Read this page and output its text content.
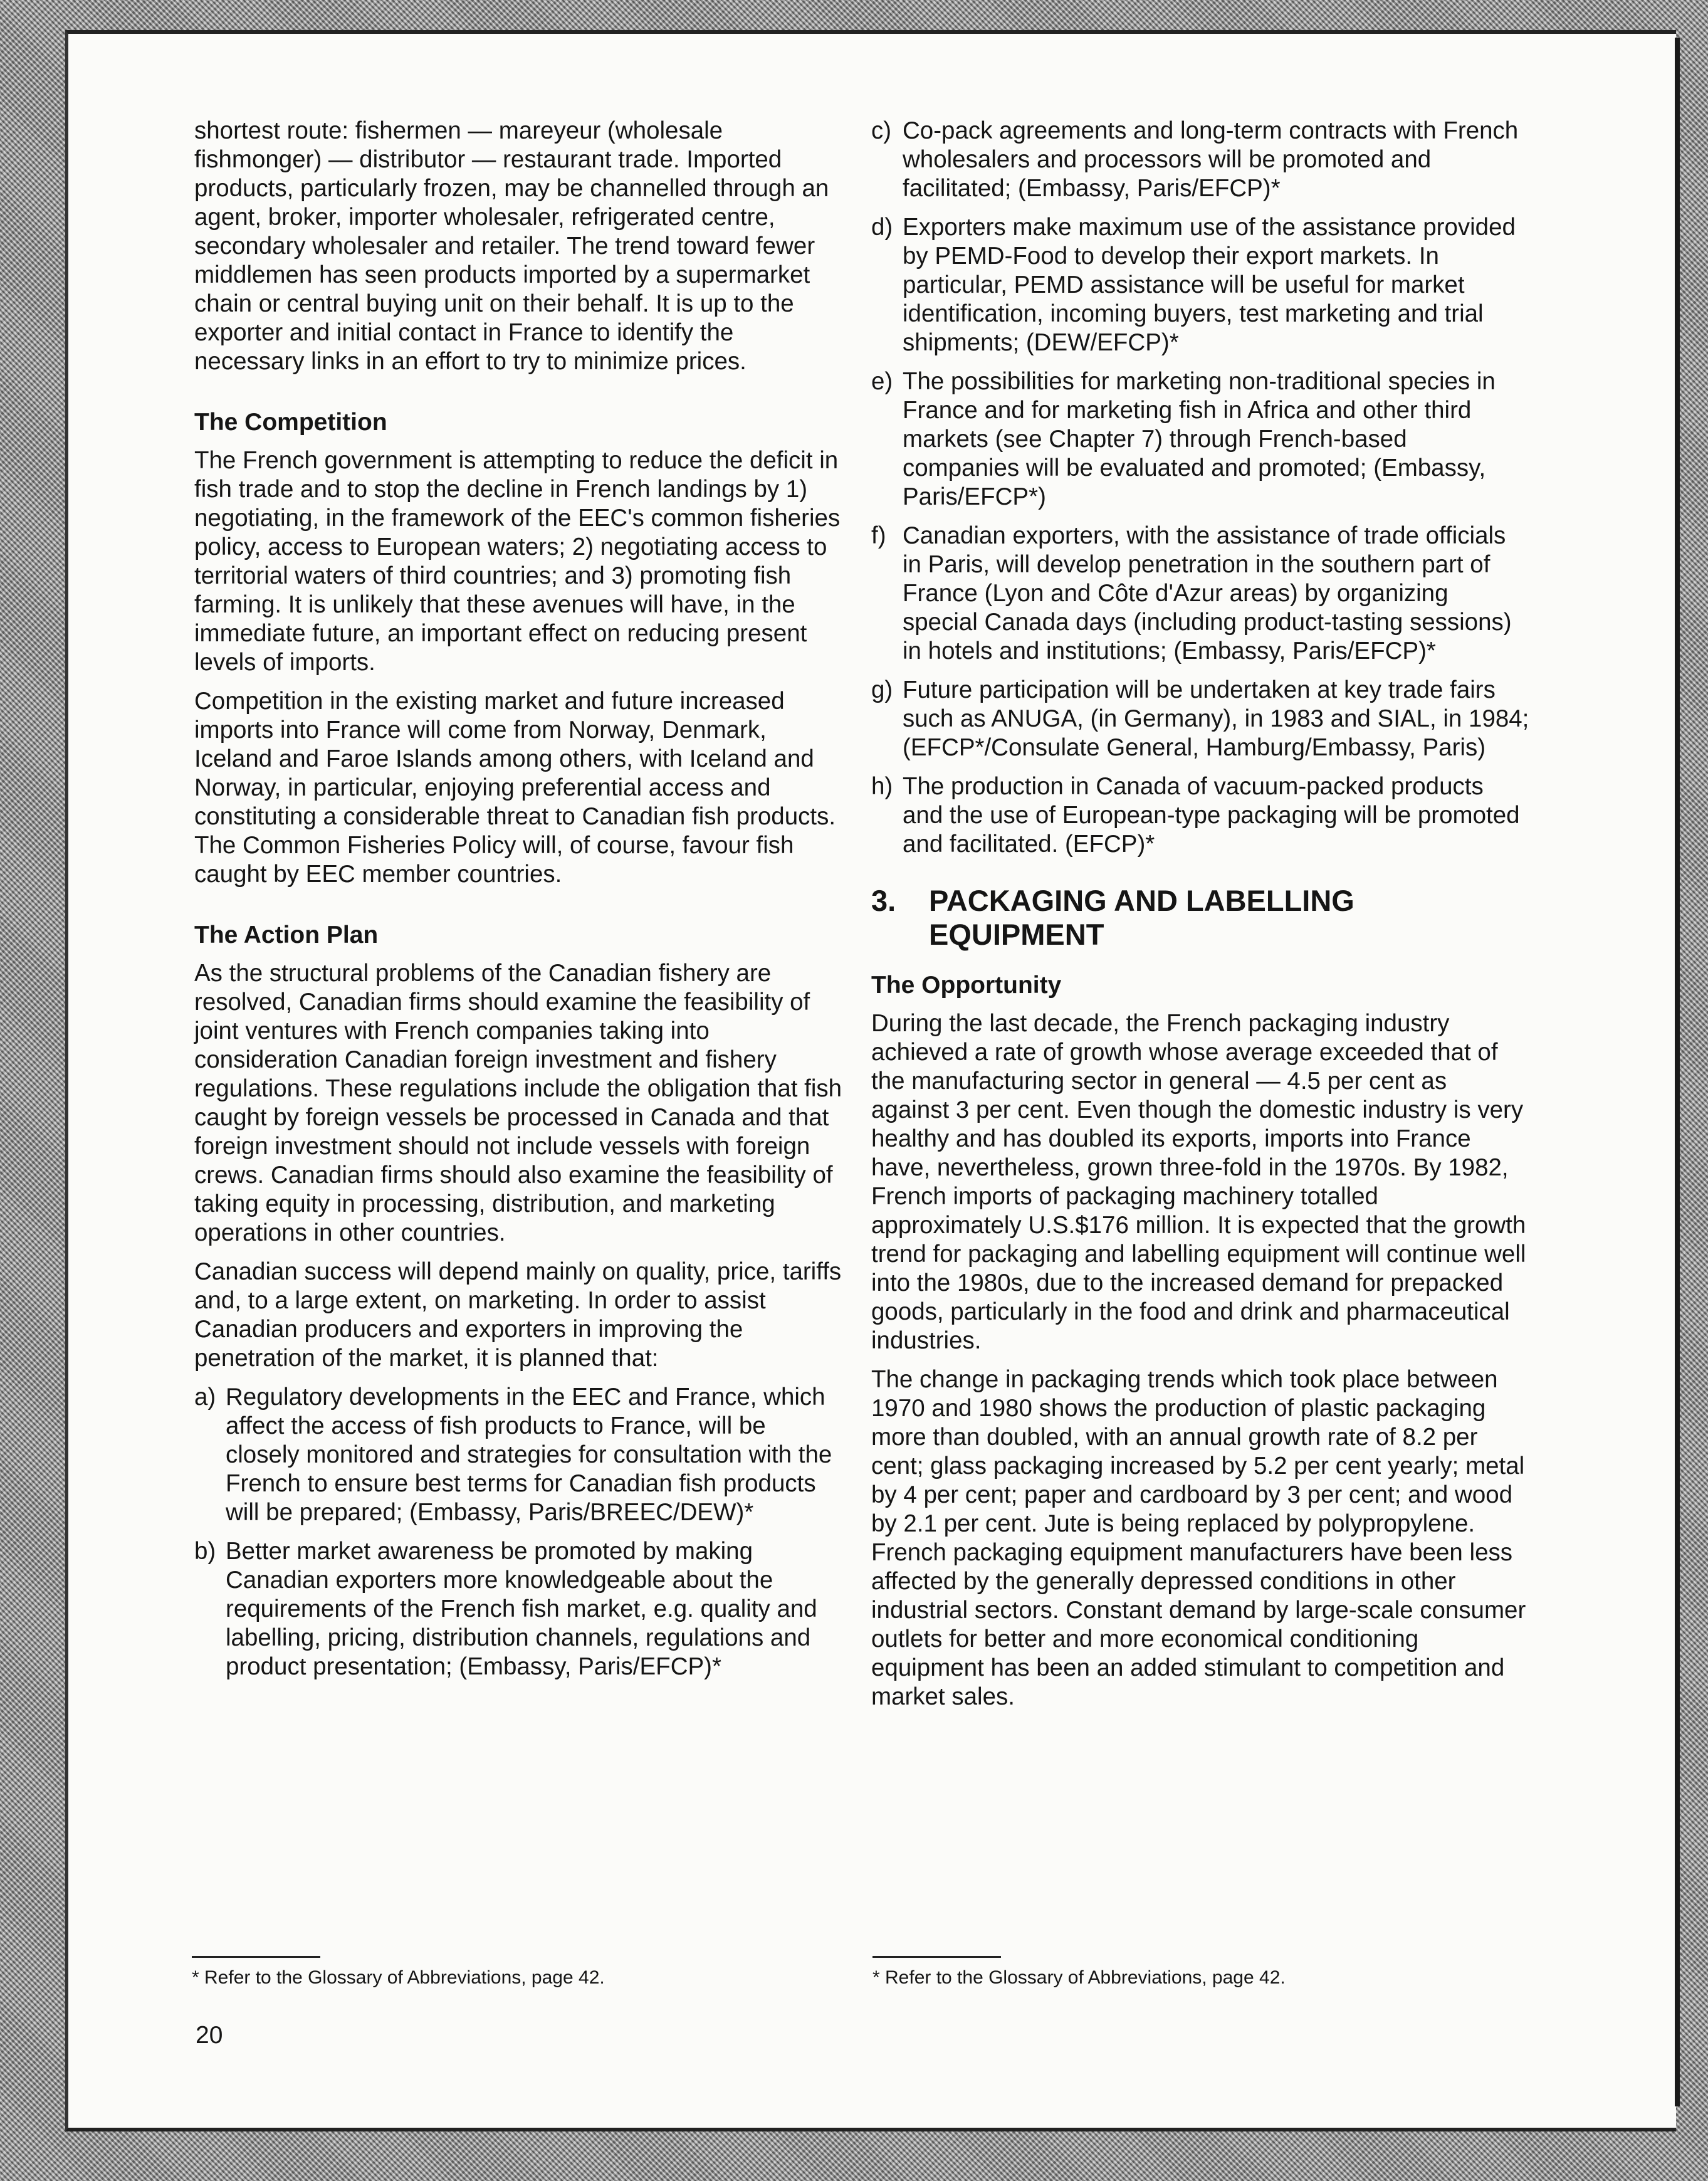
shortest route: fishermen — mareyeur (wholesale fishmonger) — distributor — restaurant trade. Imported products, particularly frozen, may be channelled through an agent, broker, importer wholesaler, refrigerated centre, secondary wholesaler and retailer. The trend toward fewer middlemen has seen products imported by a supermarket chain or central buying unit on their behalf. It is up to the exporter and initial contact in France to identify the necessary links in an effort to try to minimize prices.

The Competition

The French government is attempting to reduce the deficit in fish trade and to stop the decline in French landings by 1) negotiating, in the framework of the EEC's common fisheries policy, access to European waters; 2) negotiating access to territorial waters of third countries; and 3) promoting fish farming. It is unlikely that these avenues will have, in the immediate future, an important effect on reducing present levels of imports.

Competition in the existing market and future increased imports into France will come from Norway, Denmark, Iceland and Faroe Islands among others, with Iceland and Norway, in particular, enjoying preferential access and constituting a considerable threat to Canadian fish products. The Common Fisheries Policy will, of course, favour fish caught by EEC member countries.

The Action Plan

As the structural problems of the Canadian fishery are resolved, Canadian firms should examine the feasibility of joint ventures with French companies taking into consideration Canadian foreign investment and fishery regulations. These regulations include the obligation that fish caught by foreign vessels be processed in Canada and that foreign investment should not include vessels with foreign crews. Canadian firms should also examine the feasibility of taking equity in processing, distribution, and marketing operations in other countries.

Canadian success will depend mainly on quality, price, tariffs and, to a large extent, on marketing. In order to assist Canadian producers and exporters in improving the penetration of the market, it is planned that:

a) Regulatory developments in the EEC and France, which affect the access of fish products to France, will be closely monitored and strategies for consultation with the French to ensure best terms for Canadian fish products will be prepared; (Embassy, Paris/BREEC/DEW)*
b) Better market awareness be promoted by making Canadian exporters more knowledgeable about the requirements of the French fish market, e.g. quality and labelling, pricing, distribution channels, regulations and product presentation; (Embassy, Paris/EFCP)*
c) Co-pack agreements and long-term contracts with French wholesalers and processors will be promoted and facilitated; (Embassy, Paris/EFCP)*
d) Exporters make maximum use of the assistance provided by PEMD-Food to develop their export markets. In particular, PEMD assistance will be useful for market identification, incoming buyers, test marketing and trial shipments; (DEW/EFCP)*
e) The possibilities for marketing non-traditional species in France and for marketing fish in Africa and other third markets (see Chapter 7) through French-based companies will be evaluated and promoted; (Embassy, Paris/EFCP*)
f) Canadian exporters, with the assistance of trade officials in Paris, will develop penetration in the southern part of France (Lyon and Côte d'Azur areas) by organizing special Canada days (including product-tasting sessions) in hotels and institutions; (Embassy, Paris/EFCP)*
g) Future participation will be undertaken at key trade fairs such as ANUGA, (in Germany), in 1983 and SIAL, in 1984; (EFCP*/Consulate General, Hamburg/Embassy, Paris)
h) The production in Canada of vacuum-packed products and the use of European-type packaging will be promoted and facilitated. (EFCP)*
3.	PACKAGING AND LABELLING EQUIPMENT
The Opportunity

During the last decade, the French packaging industry achieved a rate of growth whose average exceeded that of the manufacturing sector in general — 4.5 per cent as against 3 per cent. Even though the domestic industry is very healthy and has doubled its exports, imports into France have, nevertheless, grown three-fold in the 1970s. By 1982, French imports of packaging machinery totalled approximately U.S.$176 million. It is expected that the growth trend for packaging and labelling equipment will continue well into the 1980s, due to the increased demand for prepacked goods, particularly in the food and drink and pharmaceutical industries.

The change in packaging trends which took place between 1970 and 1980 shows the production of plastic packaging more than doubled, with an annual growth rate of 8.2 per cent; glass packaging increased by 5.2 per cent yearly; metal by 4 per cent; paper and cardboard by 3 per cent; and wood by 2.1 per cent. Jute is being replaced by polypropylene. French packaging equipment manufacturers have been less affected by the generally depressed conditions in other industrial sectors. Constant demand by large-scale consumer outlets for better and more economical conditioning equipment has been an added stimulant to competition and market sales.

* Refer to the Glossary of Abbreviations, page 42.	* Refer to the Glossary of Abbreviations, page 42.
20
